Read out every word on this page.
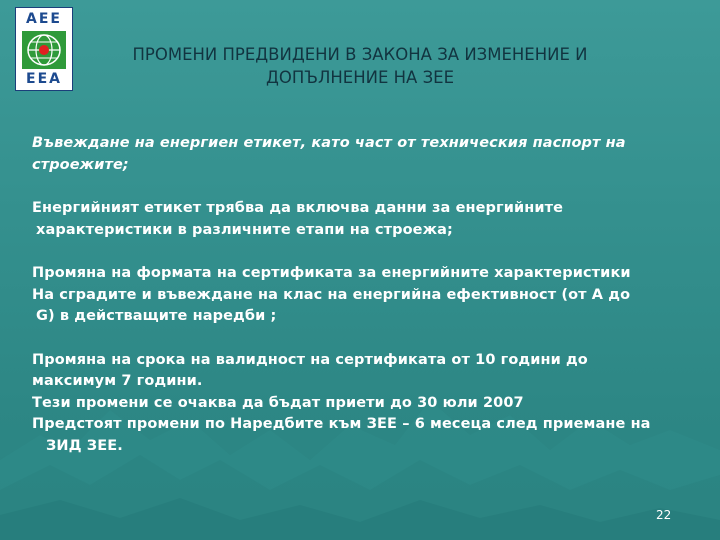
AEE
EEA
ПРОМЕНИ ПРЕДВИДЕНИ В ЗАКОНА ЗА ИЗМЕНЕНИЕ И
ДОПЪЛНЕНИЕ НА ЗЕЕ
Въвеждане на енергиен етикет, като част от техническия паспорт на
строежите;
Енергийният етикет трябва да включва данни за енергийните
характеристики в различните етапи на строежа;
Промяна на формата на сертификата за енергийните характеристики
На сградите и въвеждане на клас на енергийна ефективност (от А до
G) в действащите наредби ;
Промяна на срока на валидност на сертификата от 10 години до
максимум 7 години.
Тези промени се очаква да бъдат приети до 30 юли 2007
Предстоят промени по Наредбите към ЗЕЕ – 6 месеца след приемане на
ЗИД ЗЕЕ.
22
